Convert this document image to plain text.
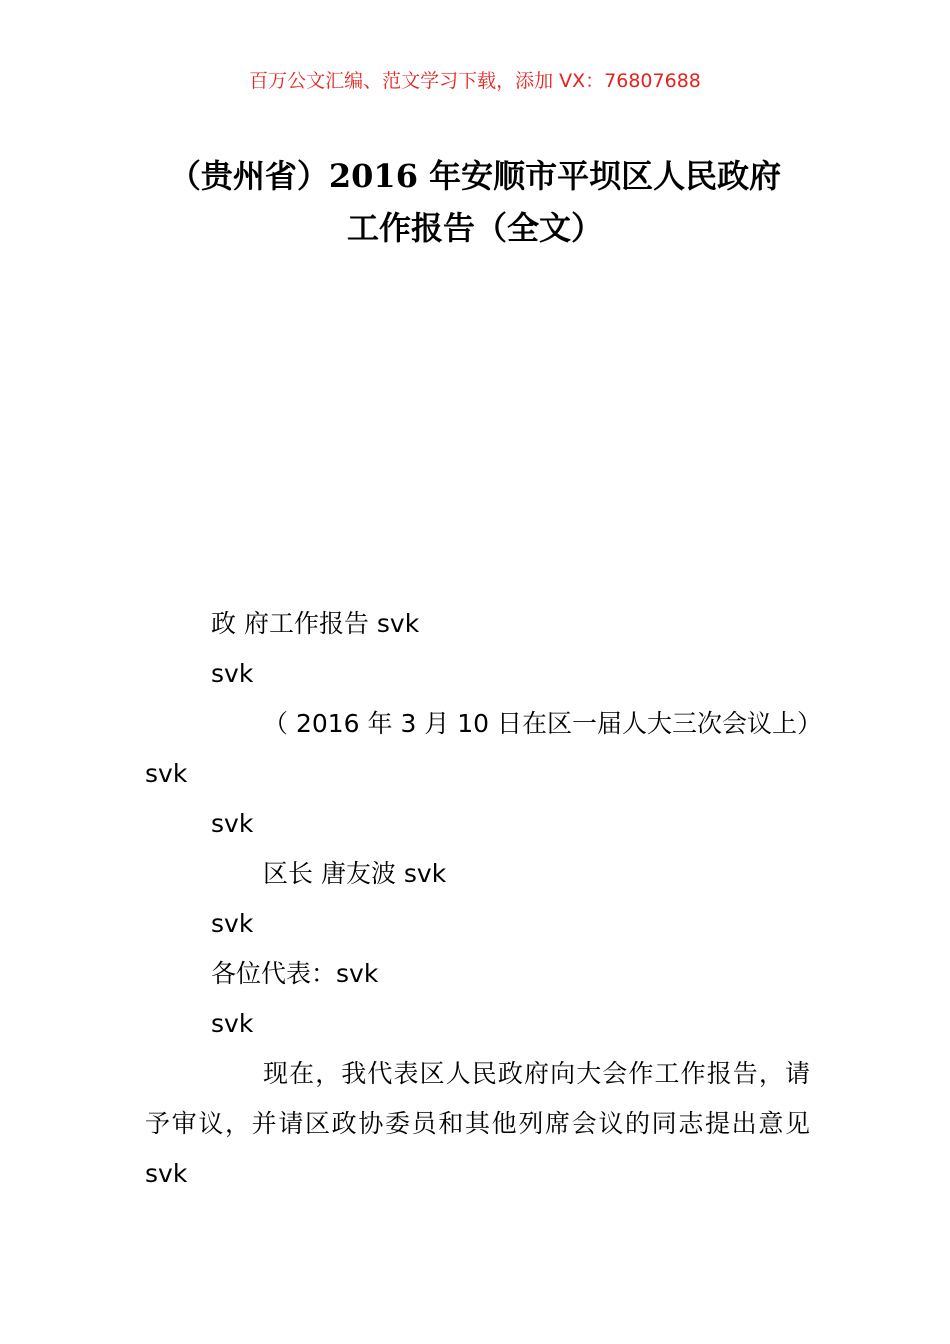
百万公文汇编、范文学习下载，添加 VX：76807688
（贵州省）2016 年安顺市平坝区人民政府
工作报告（全文）

政 府工作报告 svk

svk

（ 2016 年 3 月 10 日在区一届人大三次会议上）svk

svk

区长 唐友波 svk

svk

各位代表：svk

svk

现在，我代表区人民政府向大会作工作报告，请予审议，并请区政协委员和其他列席会议的同志提出意见 svk
